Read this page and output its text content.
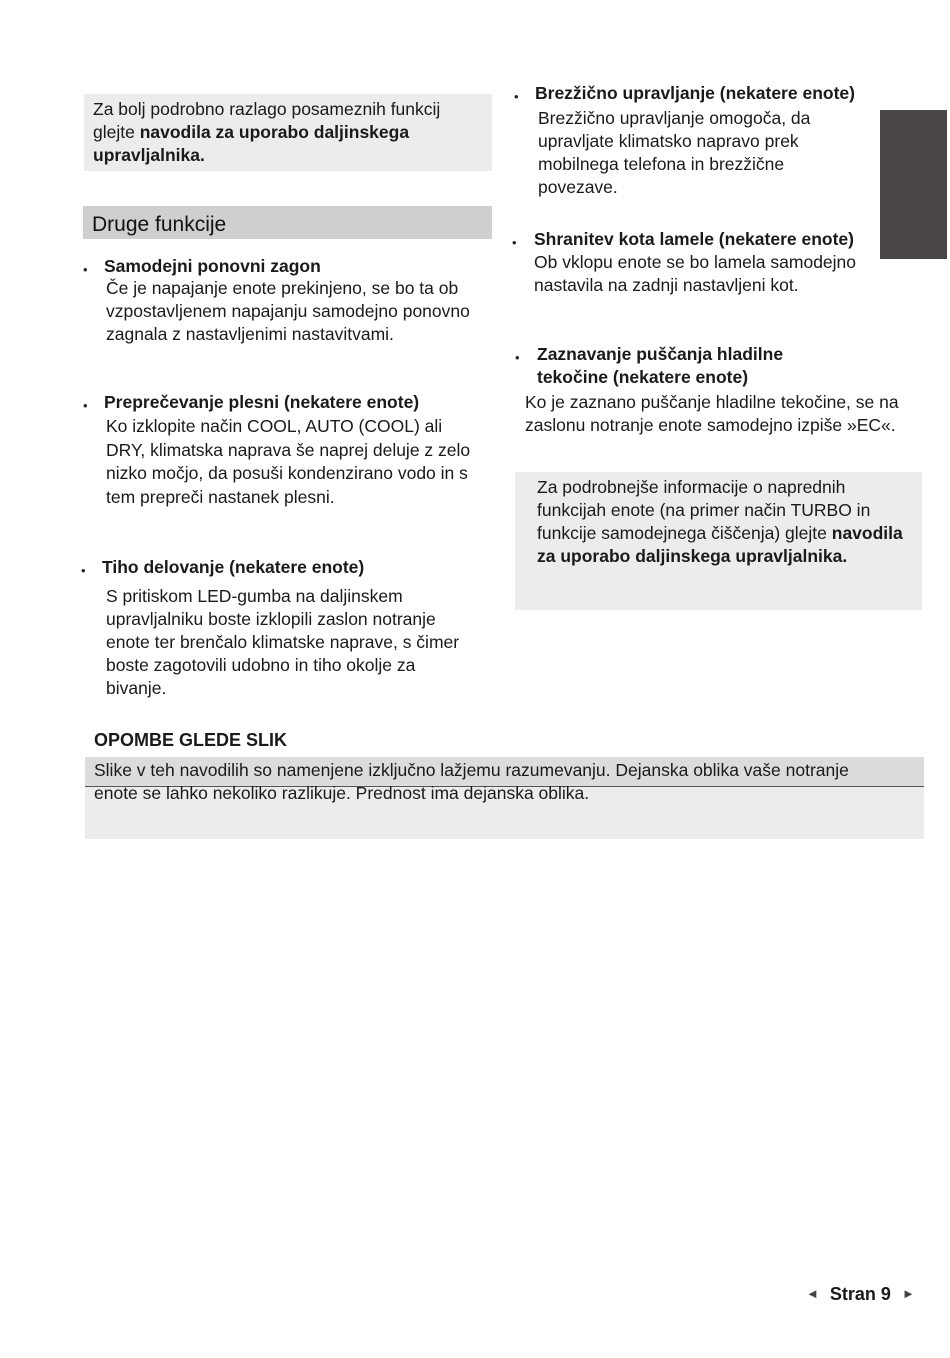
Za bolj podrobno razlago posameznih funkcij glejte navodila za uporabo daljinskega upravljalnika.
Druge funkcije
• Samodejni ponovni zagon
Če je napajanje enote prekinjeno, se bo ta ob vzpostavljenem napajanju samodejno ponovno zagnala z nastavljenimi nastavitvami.
• Preprečevanje plesni (nekatere enote)
Ko izklopite način COOL, AUTO (COOL) ali DRY, klimatska naprava še naprej deluje z zelo nizko močjo, da posuši kondenzirano vodo in s tem prepreči nastanek plesni.
• Tiho delovanje (nekatere enote)
S pritiskom LED-gumba na daljinskem upravljalniku boste izklopili zaslon notranje enote ter brenčalo klimatske naprave, s čimer boste zagotovili udobno in tiho okolje za bivanje.
• Brezžično upravljanje (nekatere enote)
Brezžično upravljanje omogoča, da upravljate klimatsko napravo prek mobilnega telefona in brezžične povezave.
• Shranitev kota lamele (nekatere enote) Ob vklopu enote se bo lamela samodejno nastavila na zadnji nastavljeni kot.
• Zaznavanje puščanja hladilne tekočine (nekatere enote)
Ko je zaznano puščanje hladilne tekočine, se na zaslonu notranje enote samodejno izpiše »EC«.
Za podrobnejše informacije o naprednih funkcijah enote (na primer način TURBO in funkcije samodejnega čiščenja) glejte navodila za uporabo daljinskega upravljalnika.
OPOMBE GLEDE SLIK
Slike v teh navodilih so namenjene izključno lažjemu razumevanju. Dejanska oblika vaše notranje enote se lahko nekoliko razlikuje. Prednost ima dejanska oblika.
◄ Stran 9 ►
